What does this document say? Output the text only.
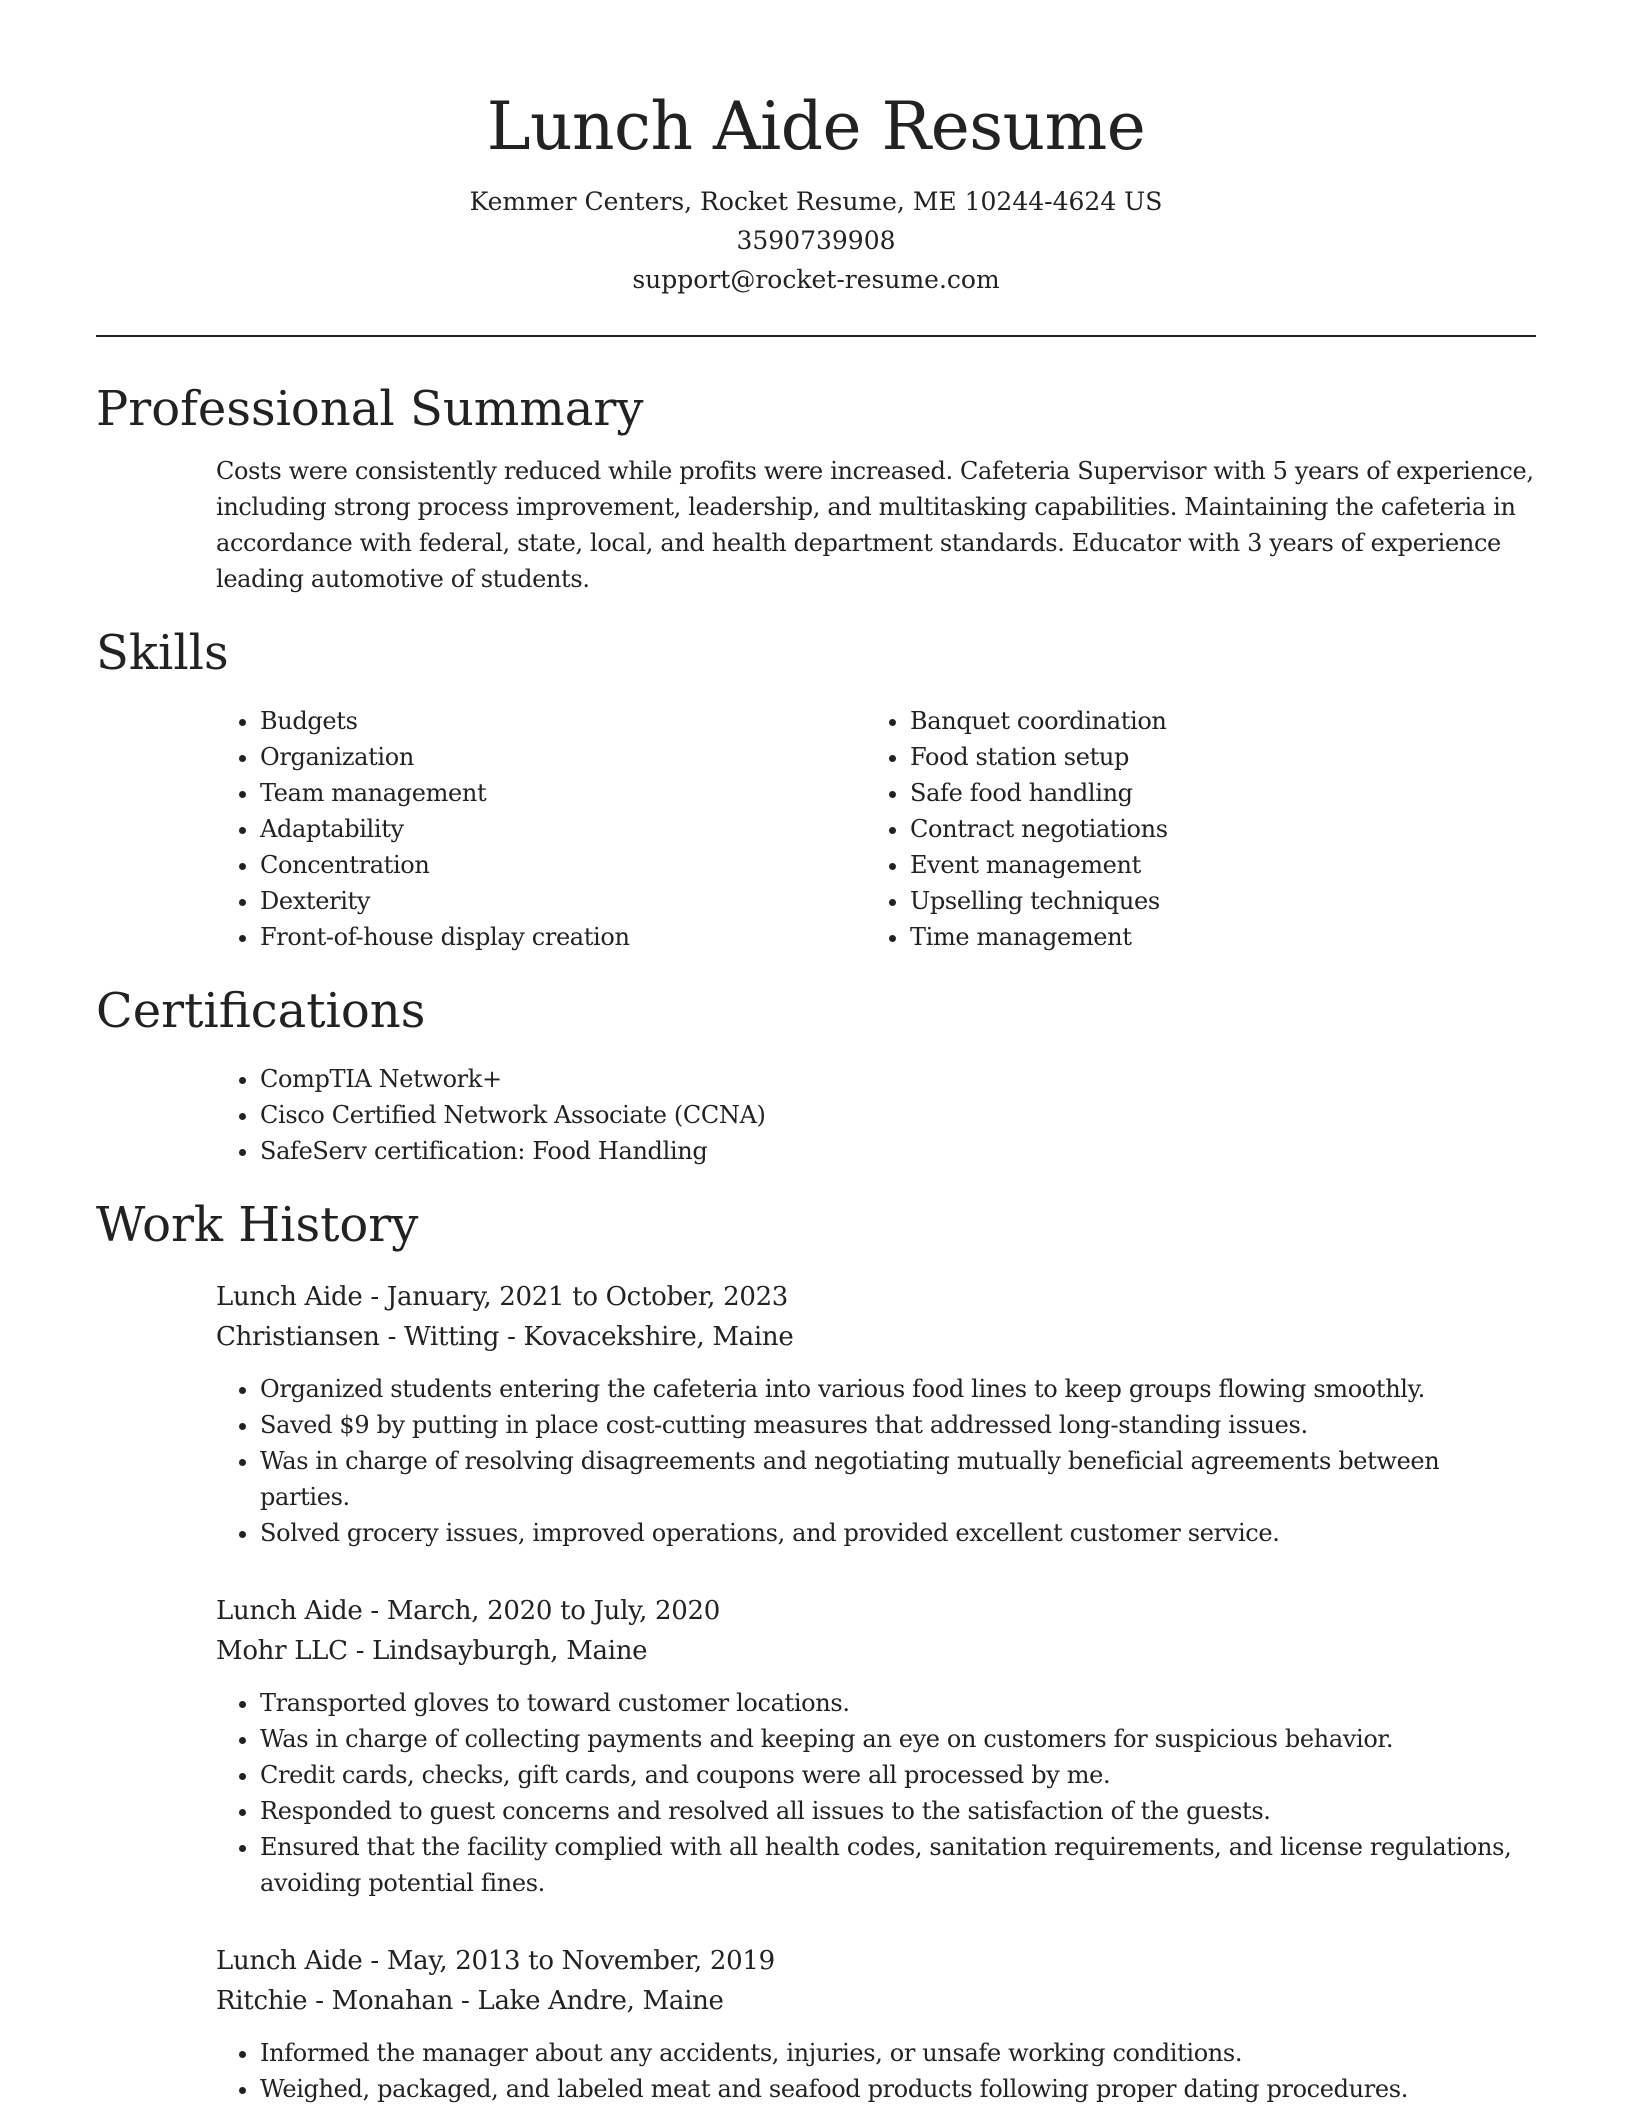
Lunch Aide Resume

Kemmer Centers, Rocket Resume, ME 10244-4624 US

3590739908

support@rocket-resume.com

Professional Summary

Costs were consistently reduced while profits were increased. Cafeteria Supervisor with 5 years of experience, including strong process improvement, leadership, and multitasking capabilities. Maintaining the cafeteria in accordance with federal, state, local, and health department standards. Educator with 3 years of experience leading automotive of students.

Skills
• Budgets
• Organization
• Team management
• Adaptability
• Concentration
• Dexterity
• Front-of-house display creation
• Banquet coordination
• Food station setup
• Safe food handling
• Contract negotiations
• Event management
• Upselling techniques
• Time management
Certifications
• CompTIA Network+
• Cisco Certified Network Associate (CCNA)
• SafeServ certification: Food Handling
Work History

Lunch Aide - January, 2021 to October, 2023

Christiansen - Witting - Kovacekshire, Maine

• Organized students entering the cafeteria into various food lines to keep groups flowing smoothly.
• Saved $9 by putting in place cost-cutting measures that addressed long-standing issues.
• Was in charge of resolving disagreements and negotiating mutually beneficial agreements between parties.
• Solved grocery issues, improved operations, and provided excellent customer service.

Lunch Aide - March, 2020 to July, 2020

Mohr LLC - Lindsayburgh, Maine

• Transported gloves to toward customer locations.
• Was in charge of collecting payments and keeping an eye on customers for suspicious behavior.
• Credit cards, checks, gift cards, and coupons were all processed by me.
• Responded to guest concerns and resolved all issues to the satisfaction of the guests.
• Ensured that the facility complied with all health codes, sanitation requirements, and license regulations, avoiding potential fines.

Lunch Aide - May, 2013 to November, 2019

Ritchie - Monahan - Lake Andre, Maine

• Informed the manager about any accidents, injuries, or unsafe working conditions.
• Weighed, packaged, and labeled meat and seafood products following proper dating procedures.
